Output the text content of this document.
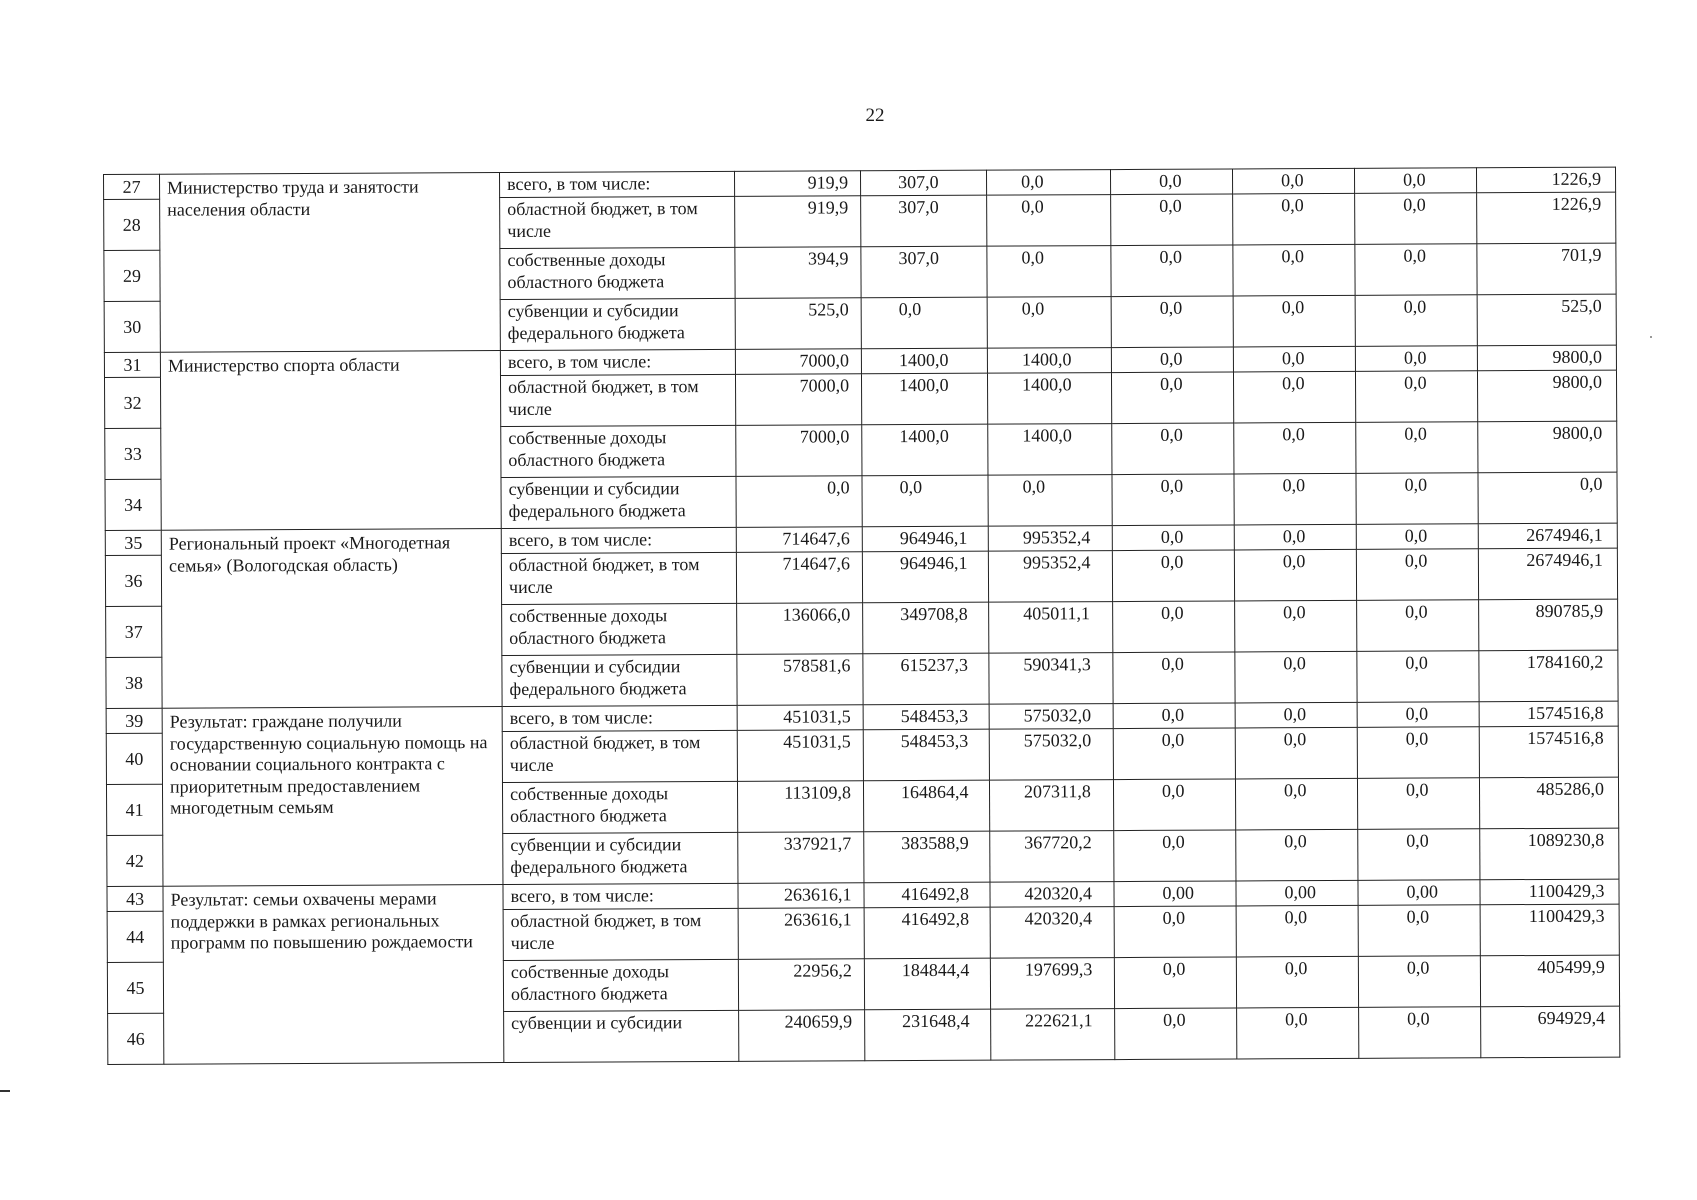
22
27	Министерство труда и занятости населения области	всего, в том числе:	919,9	307,0	0,0	0,0	0,0	0,0	1226,9

28		областной бюджет, в том числе	919,9	307,0	0,0	0,0	0,0	0,0	1226,9

29		собственные доходы областного бюджета	394,9	307,0	0,0	0,0	0,0	0,0	701,9

30		субвенции и субсидии федерального бюджета	525,0	0,0	0,0	0,0	0,0	0,0	525,0

31	Министерство спорта области	всего, в том числе:	7000,0	1400,0	1400,0	0,0	0,0	0,0	9800,0

32		областной бюджет, в том числе	7000,0	1400,0	1400,0	0,0	0,0	0,0	9800,0

33		собственные доходы областного бюджета	7000,0	1400,0	1400,0	0,0	0,0	0,0	9800,0

34		субвенции и субсидии федерального бюджета	0,0	0,0	0,0	0,0	0,0	0,0	0,0

35	Региональный проект «Многодетная семья» (Вологодская область)	всего, в том числе:	714647,6	964946,1	995352,4	0,0	0,0	0,0	2674946,1

36		областной бюджет, в том числе	714647,6	964946,1	995352,4	0,0	0,0	0,0	2674946,1

37		собственные доходы областного бюджета	136066,0	349708,8	405011,1	0,0	0,0	0,0	890785,9

38		субвенции и субсидии федерального бюджета	578581,6	615237,3	590341,3	0,0	0,0	0,0	1784160,2

39	Результат: граждане получили государственную социальную помощь на основании социального контракта с приоритетным предоставлением многодетным семьям	всего, в том числе:	451031,5	548453,3	575032,0	0,0	0,0	0,0	1574516,8

40		областной бюджет, в том числе	451031,5	548453,3	575032,0	0,0	0,0	0,0	1574516,8

41		собственные доходы областного бюджета	113109,8	164864,4	207311,8	0,0	0,0	0,0	485286,0

42		субвенции и субсидии федерального бюджета	337921,7	383588,9	367720,2	0,0	0,0	0,0	1089230,8

43	Результат: семьи охвачены мерами поддержки в рамках региональных программ по повышению рождаемости	всего, в том числе:	263616,1	416492,8	420320,4	0,00	0,00	0,00	1100429,3

44		областной бюджет, в том числе	263616,1	416492,8	420320,4	0,0	0,0	0,0	1100429,3

45		собственные доходы областного бюджета	22956,2	184844,4	197699,3	0,0	0,0	0,0	405499,9

46		субвенции и субсидии	240659,9	231648,4	222621,1	0,0	0,0	0,0	694929,4
